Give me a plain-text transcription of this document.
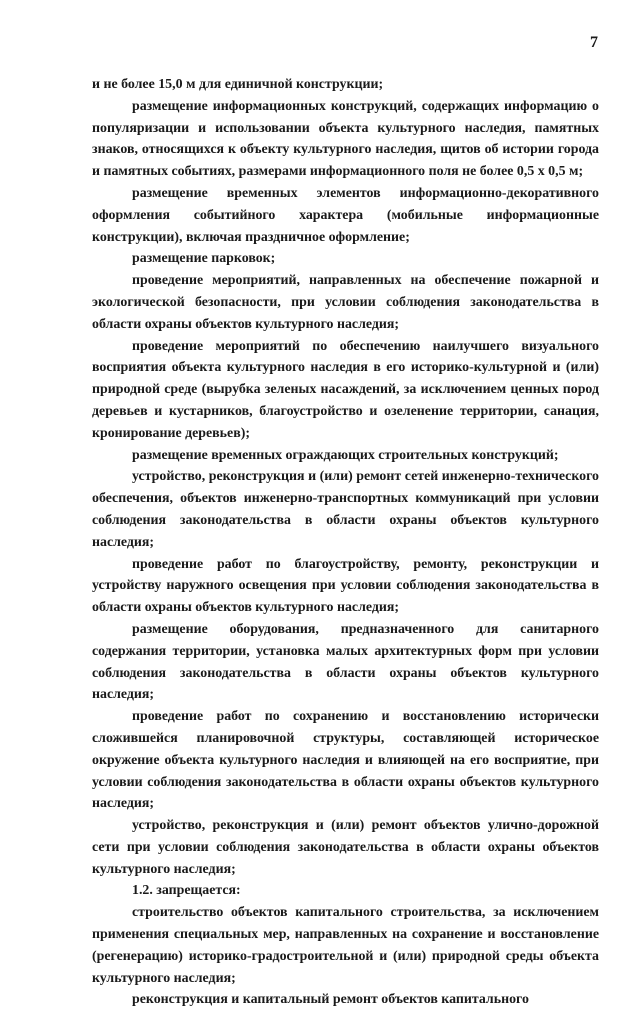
7

и не более 15,0 м для единичной конструкции;

размещение информационных конструкций, содержащих информацию о популяризации и использовании объекта культурного наследия, памятных знаков, относящихся к объекту культурного наследия, щитов об истории города и памятных событиях, размерами информационного поля не более 0,5 х 0,5 м;

размещение временных элементов информационно-декоративного оформления событийного характера (мобильные информационные конструкции), включая праздничное оформление;

размещение парковок;

проведение мероприятий, направленных на обеспечение пожарной и экологической безопасности, при условии соблюдения законодательства в области охраны объектов культурного наследия;

проведение мероприятий по обеспечению наилучшего визуального восприятия объекта культурного наследия в его историко-культурной и (или) природной среде (вырубка зеленых насаждений, за исключением ценных пород деревьев и кустарников, благоустройство и озеленение территории, санация, кронирование деревьев);

размещение временных ограждающих строительных конструкций;

устройство, реконструкция и (или) ремонт сетей инженерно-технического обеспечения, объектов инженерно-транспортных коммуникаций при условии соблюдения законодательства в области охраны объектов культурного наследия;

проведение работ по благоустройству, ремонту, реконструкции и устройству наружного освещения при условии соблюдения законодательства в области охраны объектов культурного наследия;

размещение оборудования, предназначенного для санитарного содержания территории, установка малых архитектурных форм при условии соблюдения законодательства в области охраны объектов культурного наследия;

проведение работ по сохранению и восстановлению исторически сложившейся планировочной структуры, составляющей историческое окружение объекта культурного наследия и влияющей на его восприятие, при условии соблюдения законодательства в области охраны объектов культурного наследия;

устройство, реконструкция и (или) ремонт объектов улично-дорожной сети при условии соблюдения законодательства в области охраны объектов культурного наследия;

1.2. запрещается:

строительство объектов капитального строительства, за исключением применения специальных мер, направленных на сохранение и восстановление (регенерацию) историко-градостроительной и (или) природной среды объекта культурного наследия;

реконструкция и капитальный ремонт объектов капитального
